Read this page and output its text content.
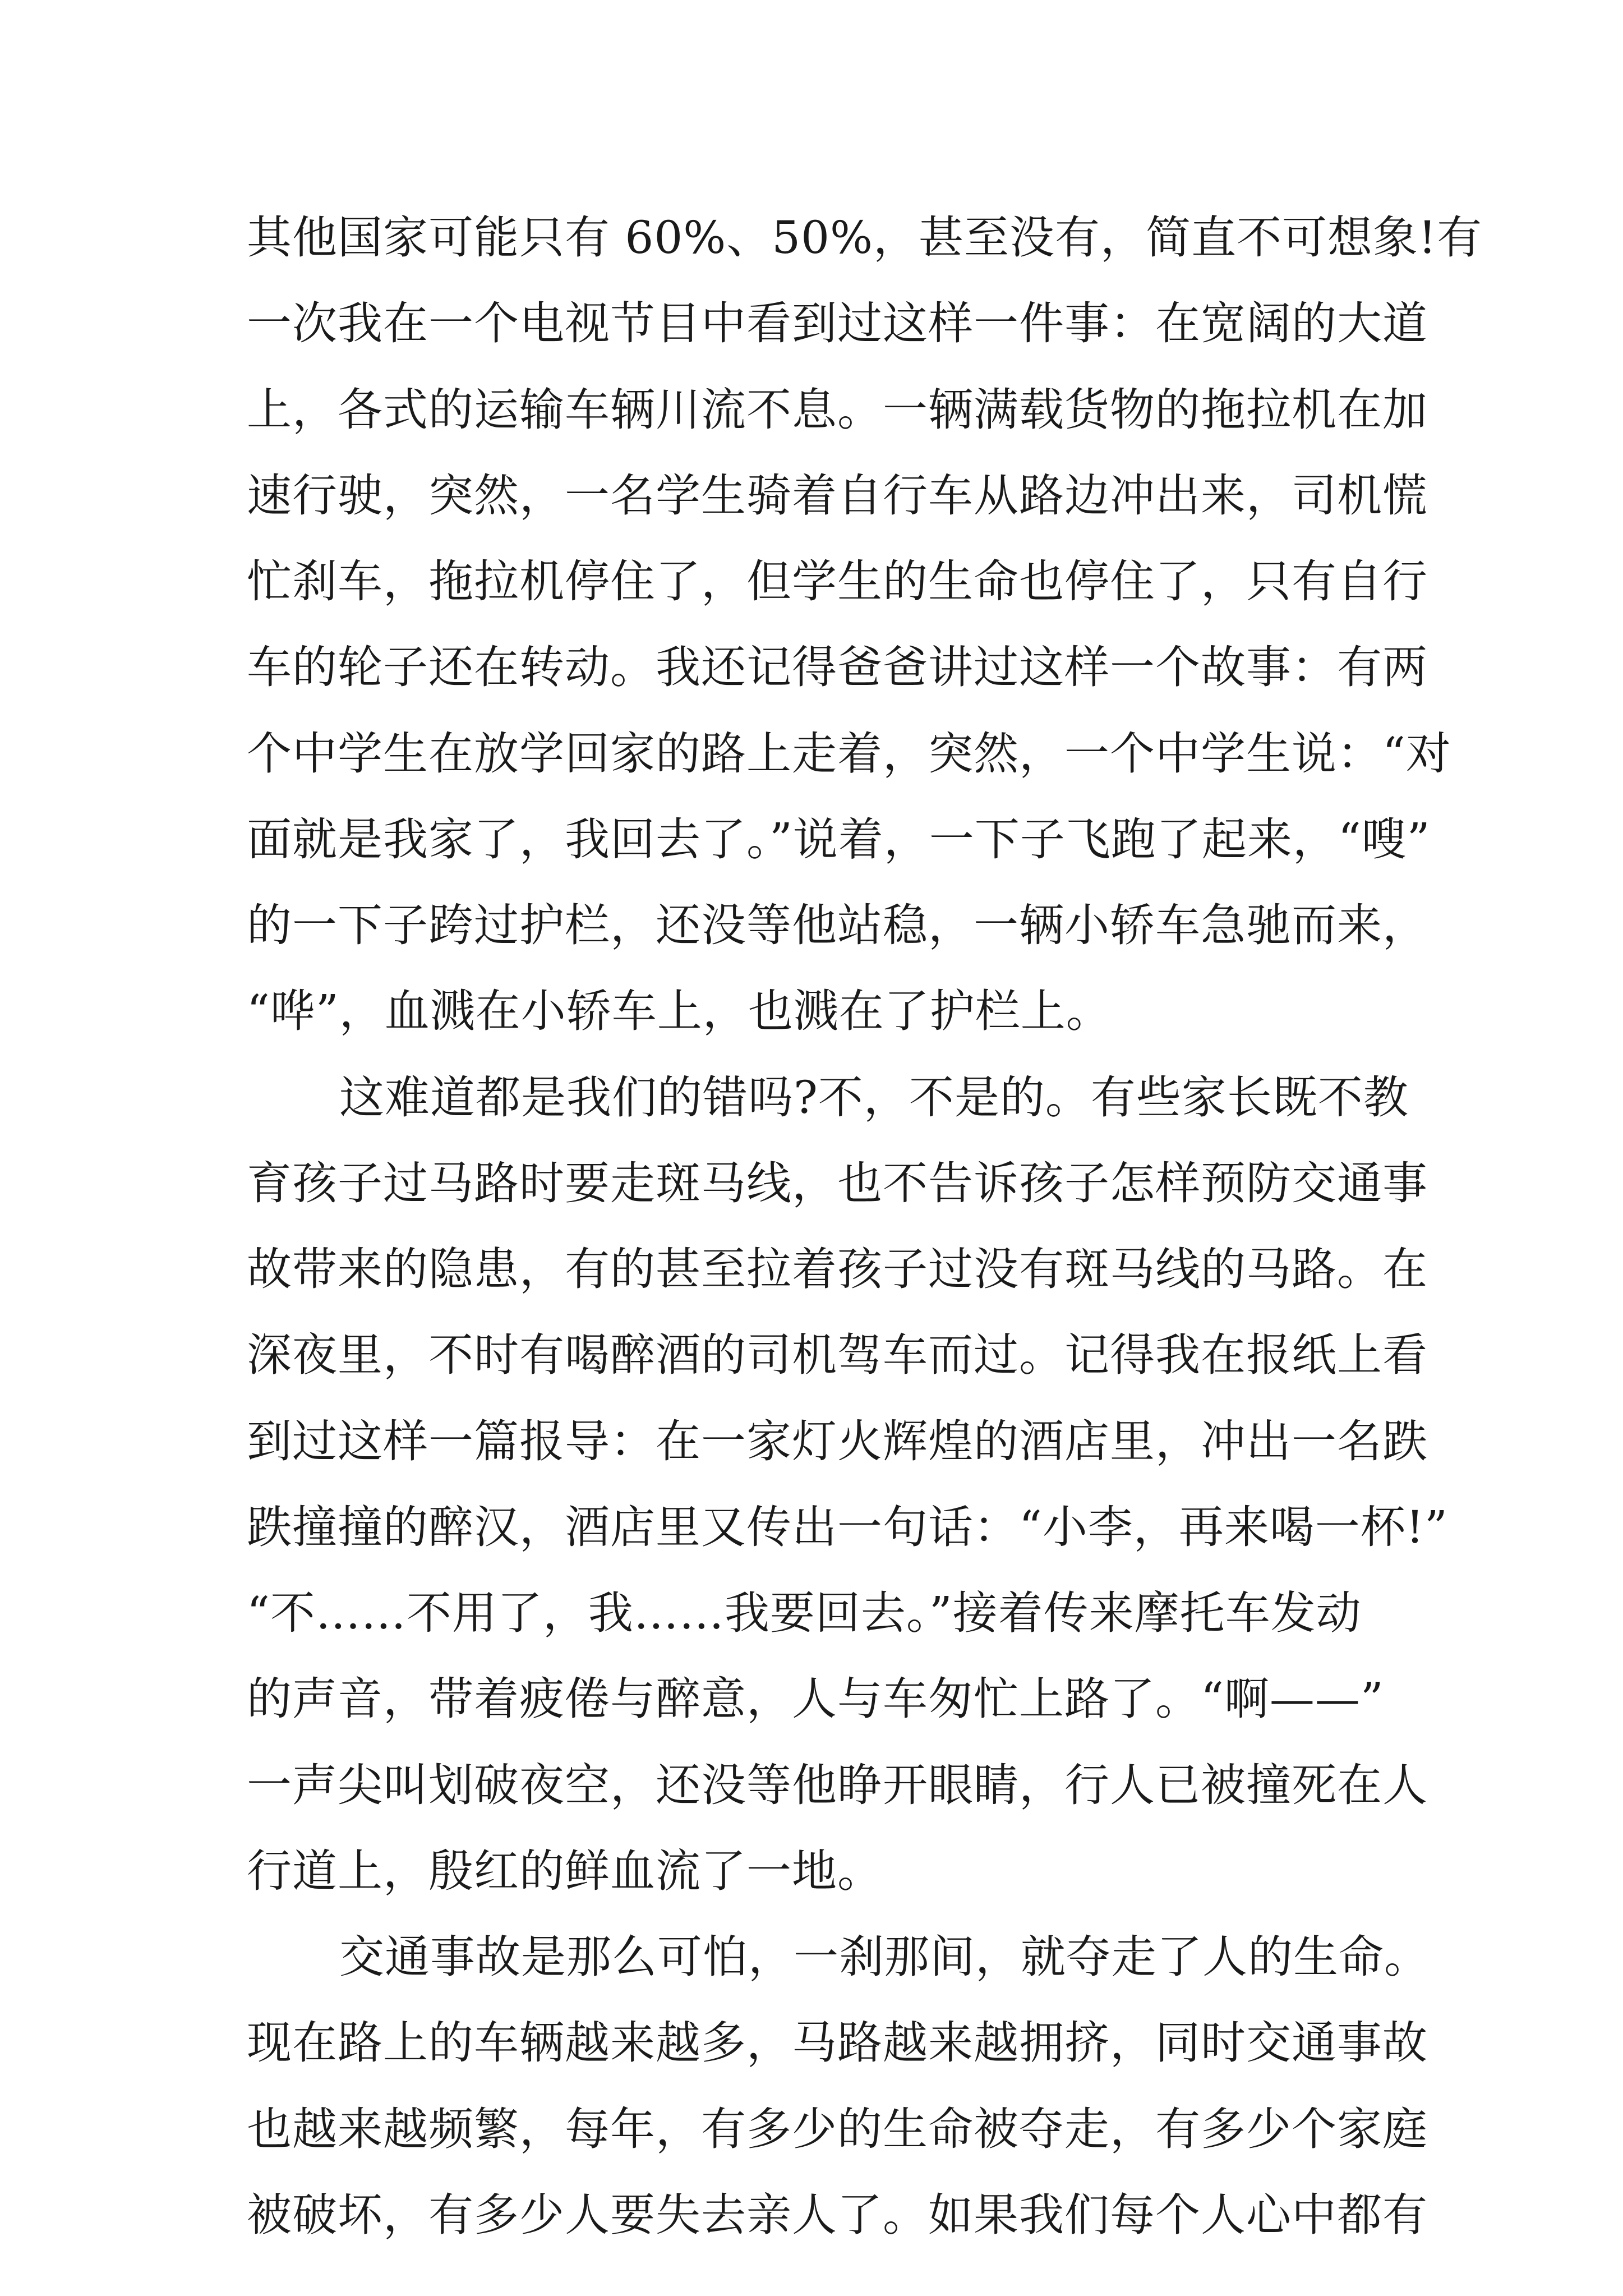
其他国家可能只有 60%、50%，甚至没有，简直不可想象!有
一次我在一个电视节目中看到过这样一件事：在宽阔的大道
上，各式的运输车辆川流不息。一辆满载货物的拖拉机在加
速行驶，突然，一名学生骑着自行车从路边冲出来，司机慌
忙刹车，拖拉机停住了，但学生的生命也停住了，只有自行
车的轮子还在转动。我还记得爸爸讲过这样一个故事：有两
个中学生在放学回家的路上走着，突然，一个中学生说：“对
面就是我家了，我回去了。”说着，一下子飞跑了起来，“嗖”
的一下子跨过护栏，还没等他站稳，一辆小轿车急驰而来，
“哗”，血溅在小轿车上，也溅在了护栏上。
这难道都是我们的错吗?不，不是的。有些家长既不教
育孩子过马路时要走斑马线，也不告诉孩子怎样预防交通事
故带来的隐患，有的甚至拉着孩子过没有斑马线的马路。在
深夜里，不时有喝醉酒的司机驾车而过。记得我在报纸上看
到过这样一篇报导：在一家灯火辉煌的酒店里，冲出一名跌
跌撞撞的醉汉，酒店里又传出一句话：“小李，再来喝一杯!”
“不……不用了，我……我要回去。”接着传来摩托车发动
的声音，带着疲倦与醉意，人与车匆忙上路了。“啊——”
一声尖叫划破夜空，还没等他睁开眼睛，行人已被撞死在人
行道上，殷红的鲜血流了一地。
交通事故是那么可怕，一刹那间，就夺走了人的生命。
现在路上的车辆越来越多，马路越来越拥挤，同时交通事故
也越来越频繁，每年，有多少的生命被夺走，有多少个家庭
被破坏，有多少人要失去亲人了。如果我们每个人心中都有
